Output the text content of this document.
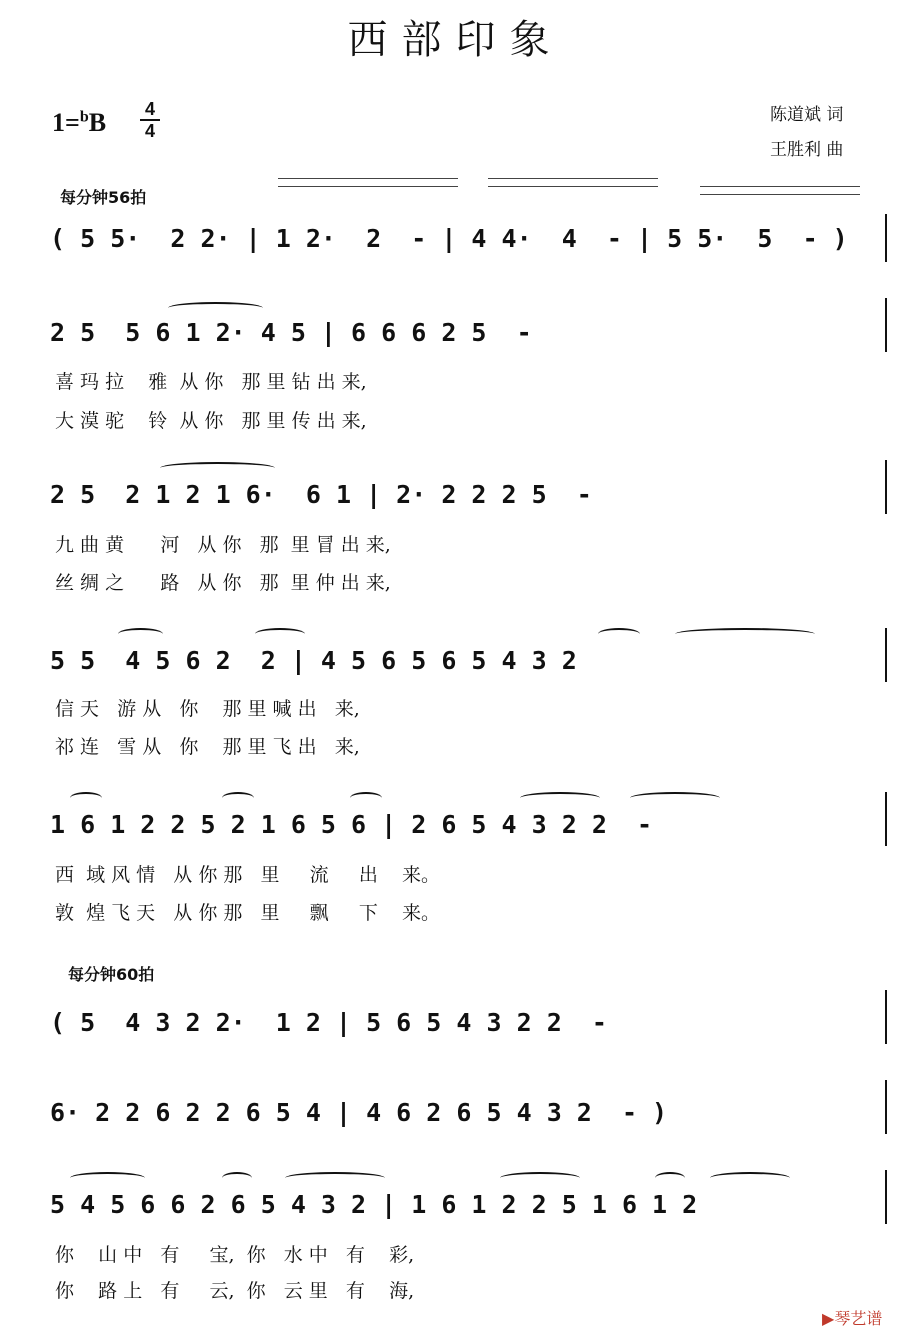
西部印象
1=$^b$B 4
4
陈道斌 词
王胜利 曲
每分钟56拍
( 5 5·  2 2· | 1 2·  2  - | 4 4·  4  - | 5 5·  5  - )
2 5  5 6 1 2· 4 5 | 6 6 6 2 5  -
喜 玛 拉    雅  从 你   那 里 钻 出 来,
大 漠 驼    铃  从 你   那 里 传 出 来,
2 5  2 1 2 1 6·  6 1 | 2· 2 2 2 5  -
九 曲 黄      河   从 你   那  里 冒 出 来,
丝 绸 之      路   从 你   那  里 仲 出 来,
5 5  4 5 6 2  2 | 4 5 6 5 6 5 4 3 2
信 天   游 从   你    那 里 喊 出   来,
祁 连   雪 从   你    那 里 飞 出   来,
1 6 1 2 2 5 2 1 6 5 6 | 2 6 5 4 3 2 2  -
西  域 风 情   从 你 那   里     流     出    来。
敦  煌 飞 天   从 你 那   里     飘     下    来。
每分钟60拍
( 5  4 3 2 2·  1 2 | 5 6 5 4 3 2 2  -
6· 2 2 6 2 2 6 5 4 | 4 6 2 6 5 4 3 2  - )
5 4 5 6 6 2 6 5 4 3 2 | 1 6 1 2 2 5 1 6 1 2
你    山 中   有     宝,  你   水 中   有    彩,
你    路 上   有     云,  你   云 里   有    海,
▶琴艺谱
